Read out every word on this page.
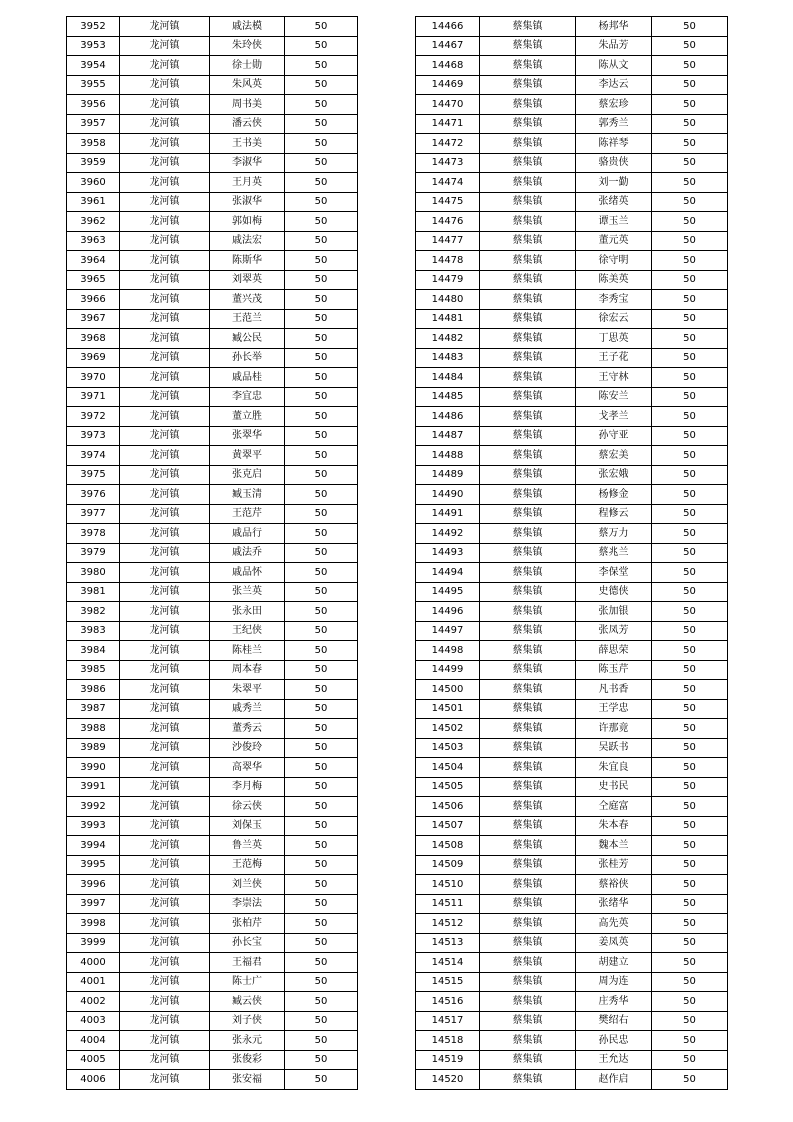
3952	龙河镇	戚法模	50
3953	龙河镇	朱玲侠	50
3954	龙河镇	徐士勋	50
3955	龙河镇	朱风英	50
3956	龙河镇	周书美	50
3957	龙河镇	潘云侠	50
3958	龙河镇	王书美	50
3959	龙河镇	李淑华	50
3960	龙河镇	王月英	50
3961	龙河镇	张淑华	50
3962	龙河镇	郭如梅	50
3963	龙河镇	戚法宏	50
3964	龙河镇	陈斯华	50
3965	龙河镇	刘翠英	50
3966	龙河镇	董兴茂	50
3967	龙河镇	王范兰	50
3968	龙河镇	臧公民	50
3969	龙河镇	孙长举	50
3970	龙河镇	戚品桂	50
3971	龙河镇	李宜忠	50
3972	龙河镇	董立胜	50
3973	龙河镇	张翠华	50
3974	龙河镇	黄翠平	50
3975	龙河镇	张克启	50
3976	龙河镇	臧玉清	50
3977	龙河镇	王范芹	50
3978	龙河镇	戚品行	50
3979	龙河镇	戚法乔	50
3980	龙河镇	戚品怀	50
3981	龙河镇	张兰英	50
3982	龙河镇	张永田	50
3983	龙河镇	王纪侠	50
3984	龙河镇	陈桂兰	50
3985	龙河镇	周本春	50
3986	龙河镇	朱翠平	50
3987	龙河镇	戚秀兰	50
3988	龙河镇	董秀云	50
3989	龙河镇	沙俊玲	50
3990	龙河镇	高翠华	50
3991	龙河镇	李月梅	50
3992	龙河镇	徐云侠	50
3993	龙河镇	刘保玉	50
3994	龙河镇	鲁兰英	50
3995	龙河镇	王范梅	50
3996	龙河镇	刘兰侠	50
3997	龙河镇	李崇法	50
3998	龙河镇	张柏芹	50
3999	龙河镇	孙长宝	50
4000	龙河镇	王福君	50
4001	龙河镇	陈士广	50
4002	龙河镇	臧云侠	50
4003	龙河镇	刘子侠	50
4004	龙河镇	张永元	50
4005	龙河镇	张俊彩	50
4006	龙河镇	张安福	50
14466	蔡集镇	杨邦华	50
14467	蔡集镇	朱品芳	50
14468	蔡集镇	陈从文	50
14469	蔡集镇	李达云	50
14470	蔡集镇	蔡宏珍	50
14471	蔡集镇	郭秀兰	50
14472	蔡集镇	陈祥琴	50
14473	蔡集镇	骆贵侠	50
14474	蔡集镇	刘一勤	50
14475	蔡集镇	张绪英	50
14476	蔡集镇	谭玉兰	50
14477	蔡集镇	董元英	50
14478	蔡集镇	徐守明	50
14479	蔡集镇	陈美英	50
14480	蔡集镇	李秀宝	50
14481	蔡集镇	徐宏云	50
14482	蔡集镇	丁思英	50
14483	蔡集镇	王子花	50
14484	蔡集镇	王守林	50
14485	蔡集镇	陈安兰	50
14486	蔡集镇	戈孝兰	50
14487	蔡集镇	孙守亚	50
14488	蔡集镇	蔡宏美	50
14489	蔡集镇	张宏娥	50
14490	蔡集镇	杨修金	50
14491	蔡集镇	程修云	50
14492	蔡集镇	蔡万力	50
14493	蔡集镇	蔡兆兰	50
14494	蔡集镇	李保堂	50
14495	蔡集镇	史德侠	50
14496	蔡集镇	张加银	50
14497	蔡集镇	张凤芳	50
14498	蔡集镇	薛思荣	50
14499	蔡集镇	陈玉芹	50
14500	蔡集镇	凡书香	50
14501	蔡集镇	王学忠	50
14502	蔡集镇	许那竟	50
14503	蔡集镇	吴跃书	50
14504	蔡集镇	朱宜良	50
14505	蔡集镇	史书民	50
14506	蔡集镇	仝庭富	50
14507	蔡集镇	朱本春	50
14508	蔡集镇	魏本兰	50
14509	蔡集镇	张桂芳	50
14510	蔡集镇	蔡裕侠	50
14511	蔡集镇	张绪华	50
14512	蔡集镇	高先英	50
14513	蔡集镇	姜凤英	50
14514	蔡集镇	胡建立	50
14515	蔡集镇	周为连	50
14516	蔡集镇	庄秀华	50
14517	蔡集镇	樊绍右	50
14518	蔡集镇	孙民忠	50
14519	蔡集镇	王允达	50
14520	蔡集镇	赵作启	50
